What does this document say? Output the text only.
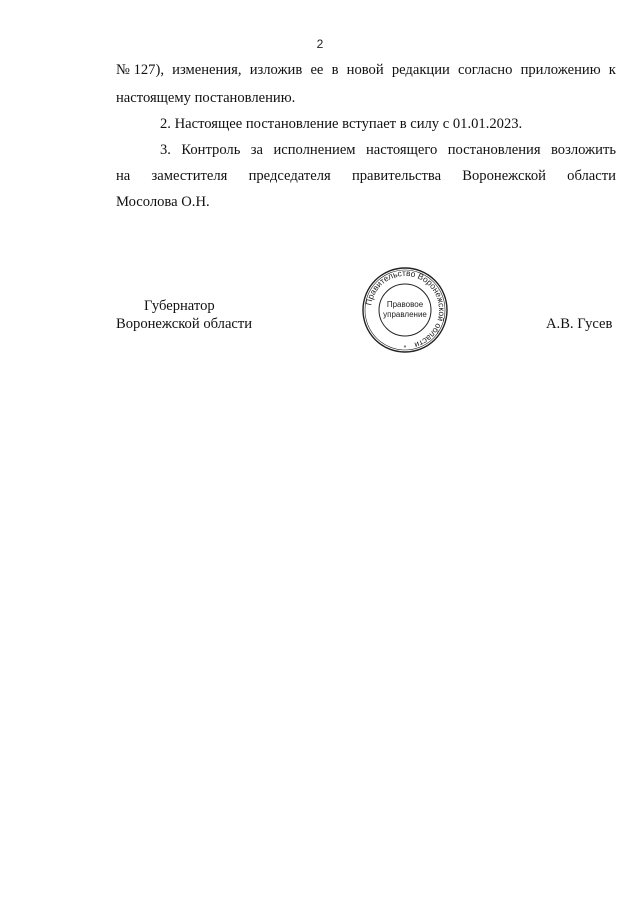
2
№ 127), изменения, изложив ее в новой редакции согласно приложению к
настоящему постановлению.
2. Настоящее постановление вступает в силу с 01.01.2023.
3. Контроль за исполнением настоящего постановления возложить
на заместителя председателя правительства Воронежской области
Мосолова О.Н.
Губернатор
Воронежской области	А.В. Гусев
Правительство Воронежской области
Правовое
управление
*
